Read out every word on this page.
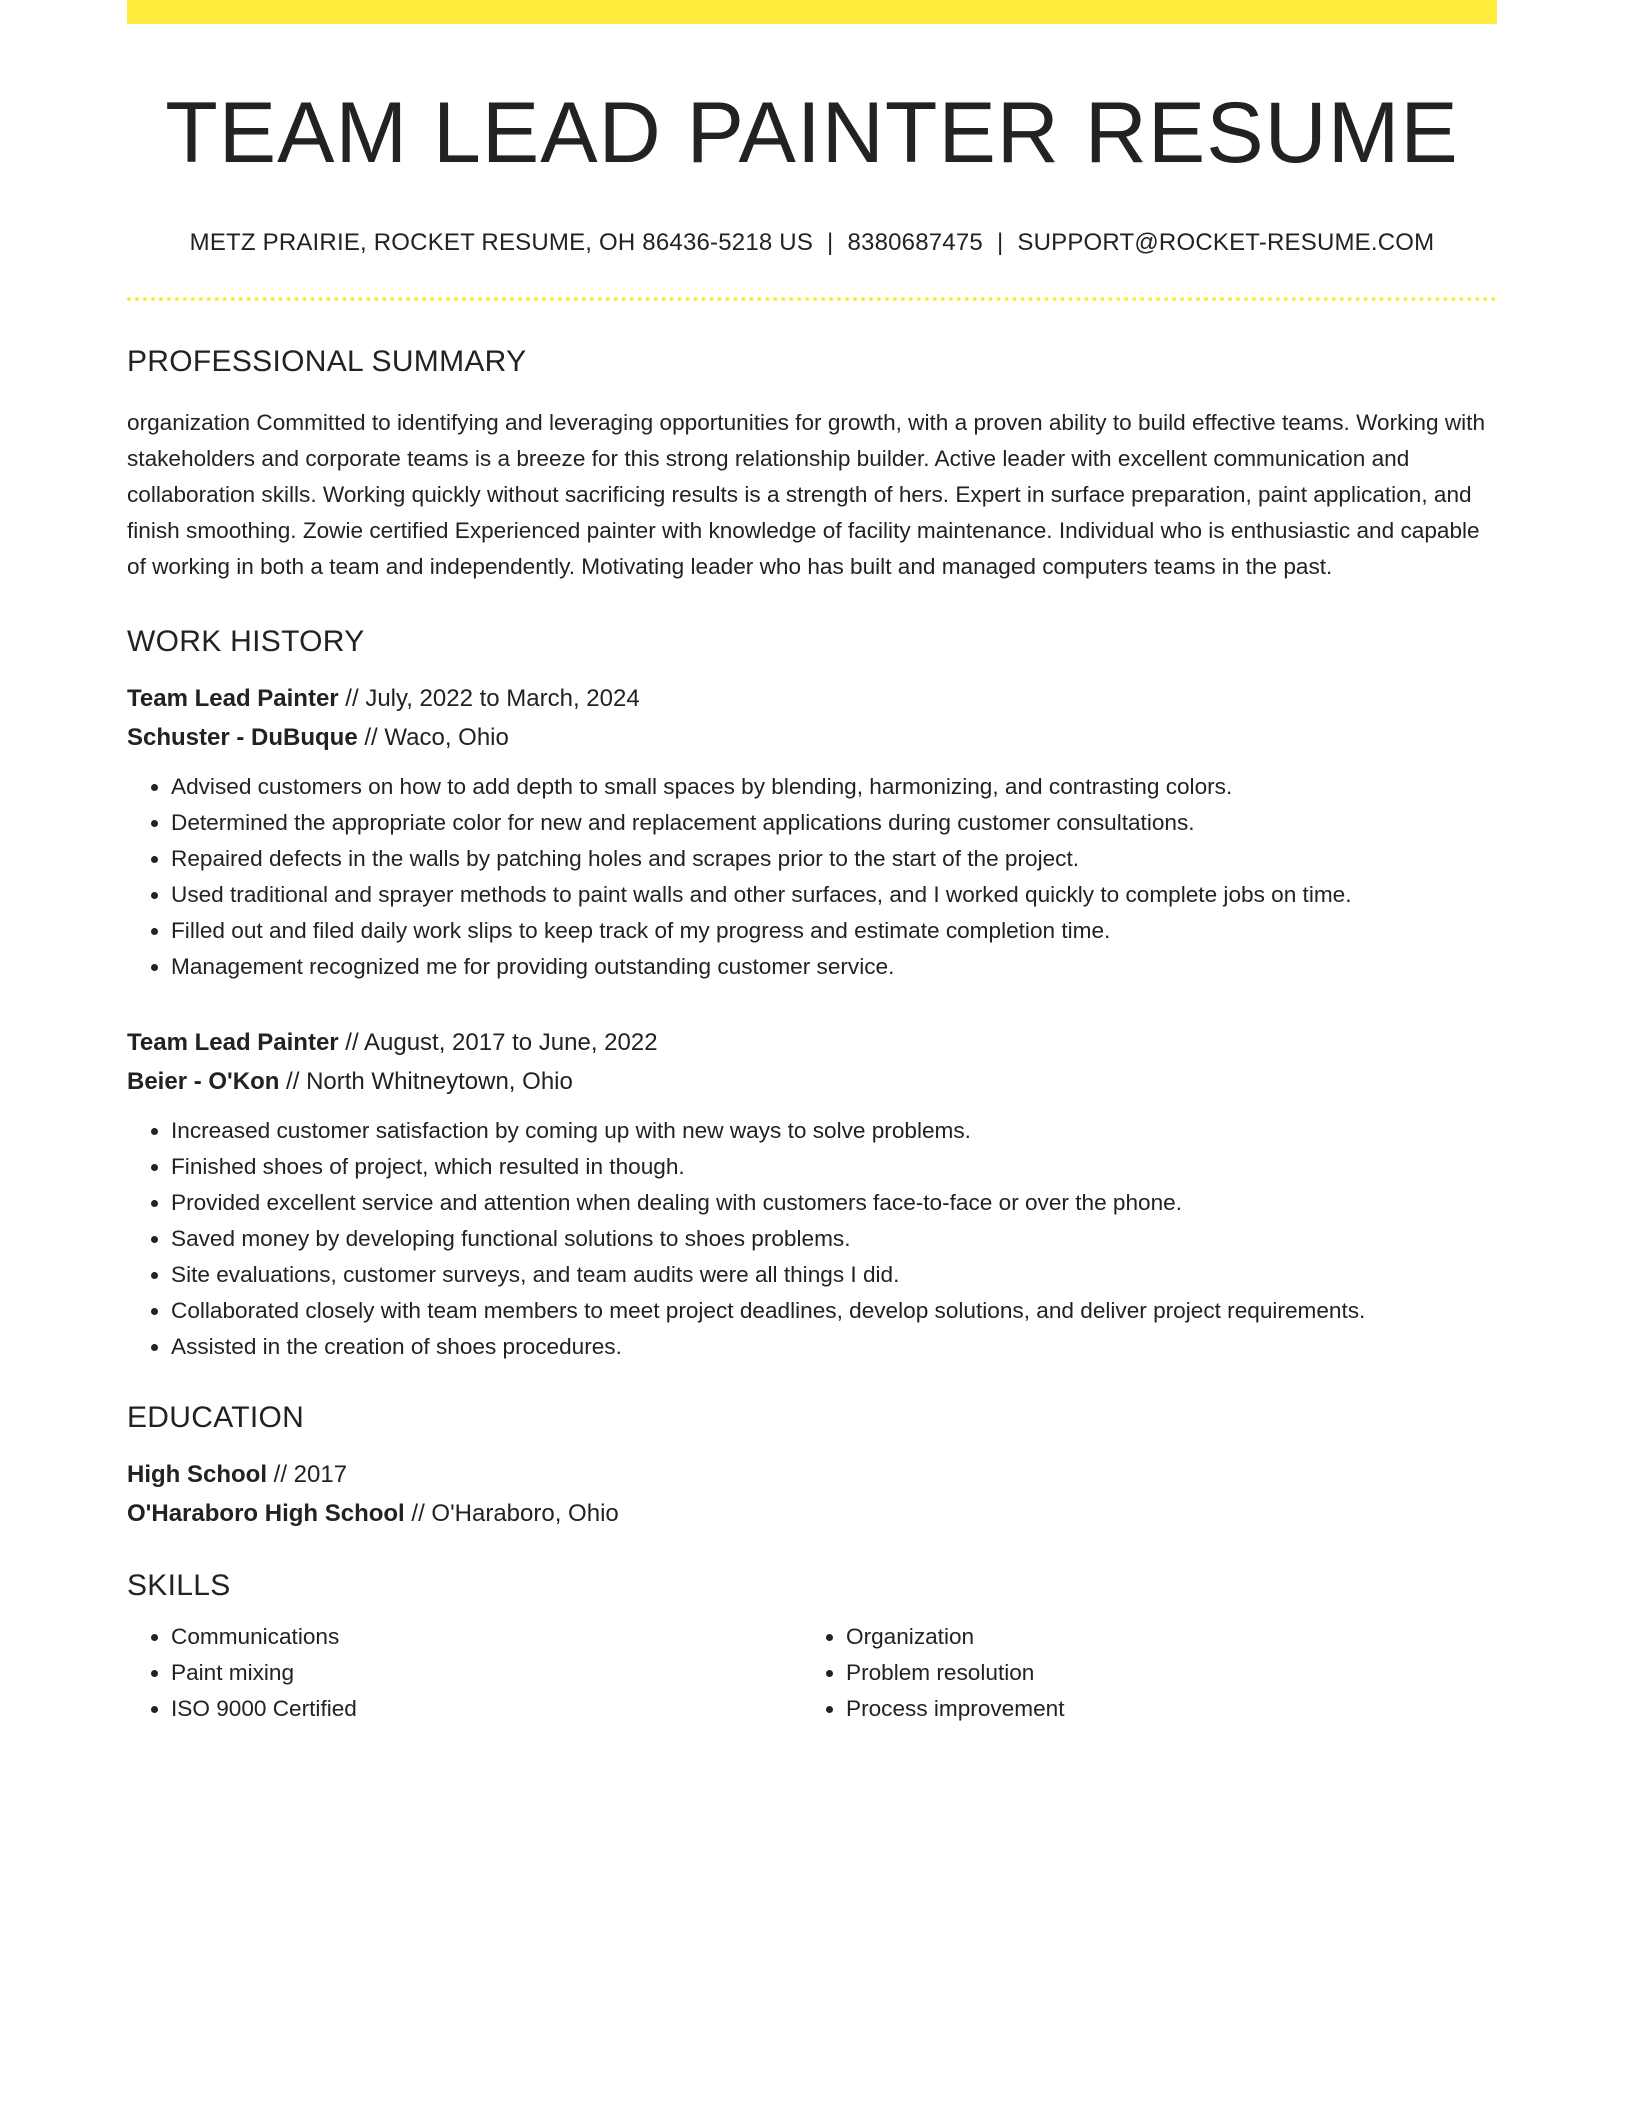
TEAM LEAD PAINTER RESUME
METZ PRAIRIE, ROCKET RESUME, OH 86436-5218 US | 8380687475 | SUPPORT@ROCKET-RESUME.COM
PROFESSIONAL SUMMARY
organization Committed to identifying and leveraging opportunities for growth, with a proven ability to build effective teams. Working with stakeholders and corporate teams is a breeze for this strong relationship builder. Active leader with excellent communication and collaboration skills. Working quickly without sacrificing results is a strength of hers. Expert in surface preparation, paint application, and finish smoothing. Zowie certified Experienced painter with knowledge of facility maintenance. Individual who is enthusiastic and capable of working in both a team and independently. Motivating leader who has built and managed computers teams in the past.
WORK HISTORY
Team Lead Painter // July, 2022 to March, 2024
Schuster - DuBuque // Waco, Ohio
• Advised customers on how to add depth to small spaces by blending, harmonizing, and contrasting colors.
• Determined the appropriate color for new and replacement applications during customer consultations.
• Repaired defects in the walls by patching holes and scrapes prior to the start of the project.
• Used traditional and sprayer methods to paint walls and other surfaces, and I worked quickly to complete jobs on time.
• Filled out and filed daily work slips to keep track of my progress and estimate completion time.
• Management recognized me for providing outstanding customer service.
Team Lead Painter // August, 2017 to June, 2022
Beier - O'Kon // North Whitneytown, Ohio
• Increased customer satisfaction by coming up with new ways to solve problems.
• Finished shoes of project, which resulted in though.
• Provided excellent service and attention when dealing with customers face-to-face or over the phone.
• Saved money by developing functional solutions to shoes problems.
• Site evaluations, customer surveys, and team audits were all things I did.
• Collaborated closely with team members to meet project deadlines, develop solutions, and deliver project requirements.
• Assisted in the creation of shoes procedures.
EDUCATION
High School // 2017
O'Haraboro High School // O'Haraboro, Ohio
SKILLS
• Communications
• Paint mixing
• ISO 9000 Certified
• Organization
• Problem resolution
• Process improvement
